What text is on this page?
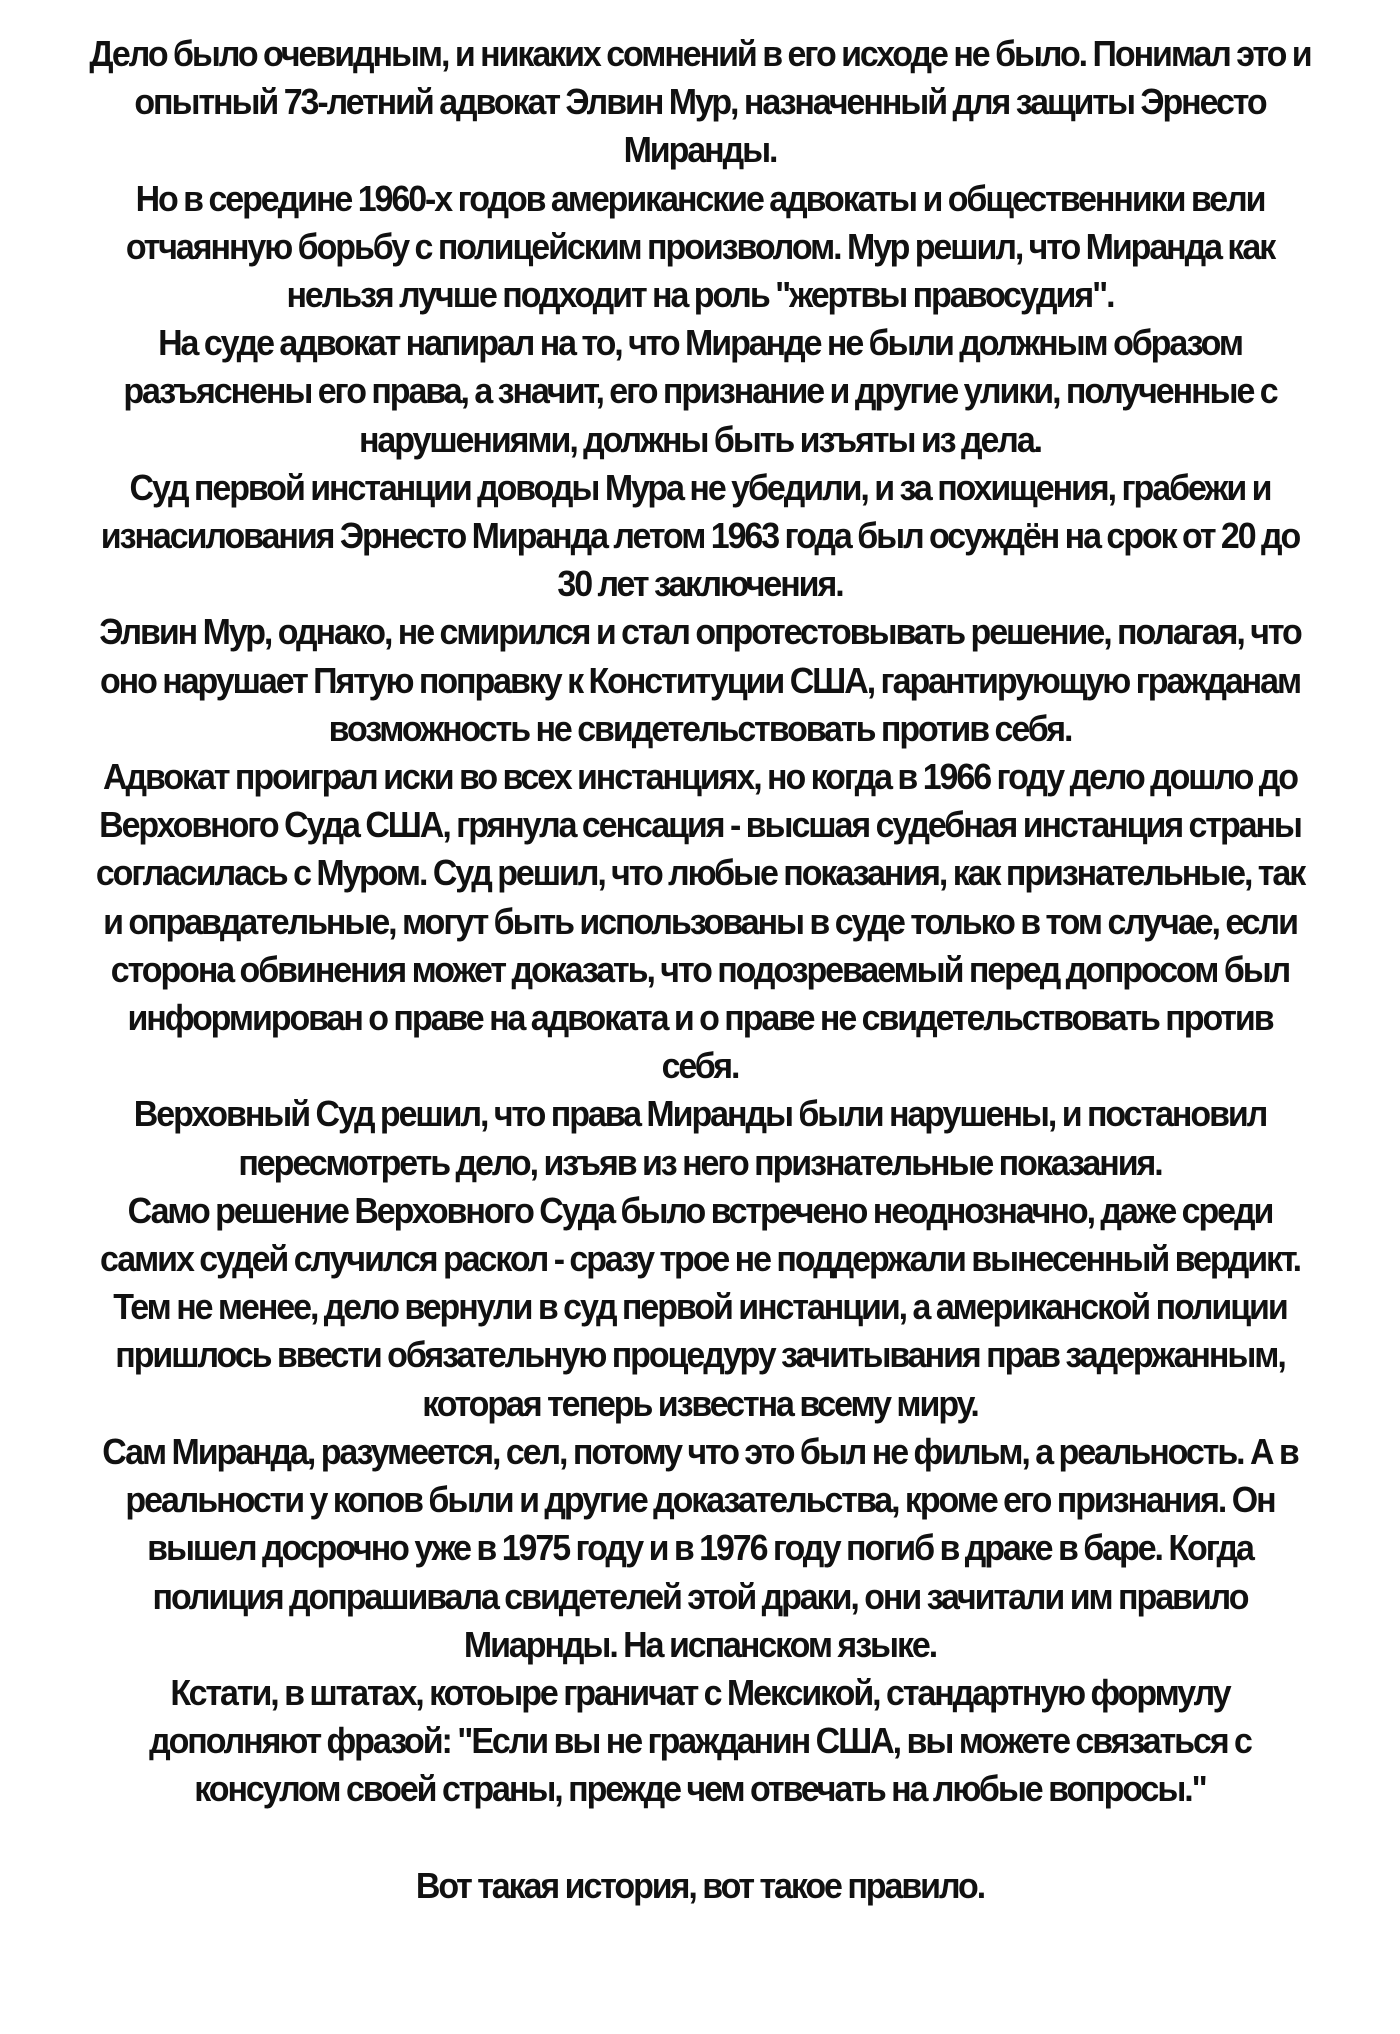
Дело было очевидным, и никаких сомнений в его исходе не было. Понимал это и опытный 73-летний адвокат Элвин Мур, назначенный для защиты Эрнесто Миранды.

Но в середине 1960-х годов американские адвокаты и общественники вели отчаянную борьбу с полицейским произволом. Мур решил, что Миранда как нельзя лучше подходит на роль "жертвы правосудия".

На суде адвокат напирал на то, что Миранде не были должным образом разъяснены его права, а значит, его признание и другие улики, полученные с нарушениями, должны быть изъяты из дела.

Суд первой инстанции доводы Мура не убедили, и за похищения, грабежи и изнасилования Эрнесто Миранда летом 1963 года был осуждён на срок от 20 до 30 лет заключения.

Элвин Мур, однако, не смирился и стал опротестовывать решение, полагая, что оно нарушает Пятую поправку к Конституции США, гарантирующую гражданам возможность не свидетельствовать против себя.

Адвокат проиграл иски во всех инстанциях, но когда в 1966 году дело дошло до Верховного Суда США, грянула сенсация - высшая судебная инстанция страны согласилась с Муром. Суд решил, что любые показания, как признательные, так и оправдательные, могут быть использованы в суде только в том случае, если сторона обвинения может доказать, что подозреваемый перед допросом был информирован о праве на адвоката и о праве не свидетельствовать против себя.

Верховный Суд решил, что права Миранды были нарушены, и постановил пересмотреть дело, изъяв из него признательные показания.

Само решение Верховного Суда было встречено неоднозначно, даже среди самих судей случился раскол - сразу трое не поддержали вынесенный вердикт.

Тем не менее, дело вернули в суд первой инстанции, а американской полиции пришлось ввести обязательную процедуру зачитывания прав задержанным, которая теперь известна всему миру.

Сам Миранда, разумеется, сел, потому что это был не фильм, а реальность. А в реальности у копов были и другие доказательства, кроме его признания. Он вышел досрочно уже в 1975 году и в 1976 году погиб в драке в баре. Когда полиция допрашивала свидетелей этой драки, они зачитали им правило Миарнды. На испанском языке.

Кстати, в штатах, котоыре граничат с Мексикой, стандартную формулу дополняют фразой: "Если вы не гражданин США, вы можете связаться с консулом своей страны, прежде чем отвечать на любые вопросы."

Вот такая история, вот такое правило.
